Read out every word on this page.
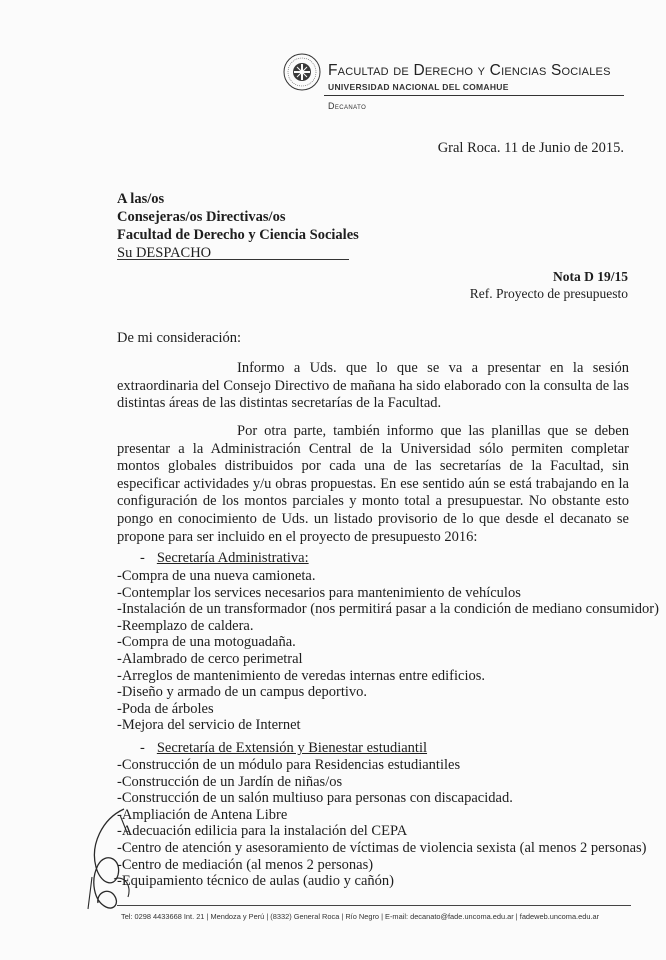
Facultad de Derecho y Ciencias Sociales
UNIVERSIDAD NACIONAL DEL COMAHUE
Decanato
Gral Roca. 11 de Junio de 2015.
A las/os
Consejeras/os Directivas/os
Facultad de Derecho y Ciencia Sociales
Su DESPACHO
Nota D 19/15
Ref. Proyecto de presupuesto
De mi consideración:
Informo a Uds. que lo que se va a presentar en la sesión extraordinaria del Consejo Directivo de mañana ha sido elaborado con la consulta de las distintas áreas de las distintas secretarías de la Facultad.
Por otra parte, también informo que las planillas que se deben presentar a la Administración Central de la Universidad sólo permiten completar montos globales distribuidos por cada una de las secretarías de la Facultad, sin especificar actividades y/u obras propuestas. En ese sentido aún se está trabajando en la configuración de los montos parciales y monto total a presupuestar. No obstante esto pongo en conocimiento de Uds. un listado provisorio de lo que desde el decanato se propone para ser incluido en el proyecto de presupuesto 2016:
- Secretaría Administrativa:
-Compra de una nueva camioneta.
-Contemplar los services necesarios para mantenimiento de vehículos
-Instalación de un transformador (nos permitirá pasar a la condición de mediano consumidor)
-Reemplazo de caldera.
-Compra de una motoguadaña.
-Alambrado de cerco perimetral
-Arreglos de mantenimiento de veredas internas entre edificios.
-Diseño y armado de un campus deportivo.
-Poda de árboles
-Mejora del servicio de Internet
- Secretaría de Extensión y Bienestar estudiantil
-Construcción de un módulo para Residencias estudiantiles
-Construcción de un Jardín de niñas/os
-Construcción de un salón multiuso para personas con discapacidad.
-Ampliación de Antena Libre
-Adecuación edilicia para la instalación del CEPA
-Centro de atención y asesoramiento de víctimas de violencia sexista (al menos 2 personas)
-Centro de mediación (al menos 2 personas)
-Equipamiento técnico de aulas (audio y cañón)
Tel: 0298 4433668 Int. 21 | Mendoza y Perú | (8332) General Roca | Río Negro | E-mail: decanato@fade.uncoma.edu.ar | fadeweb.uncoma.edu.ar
